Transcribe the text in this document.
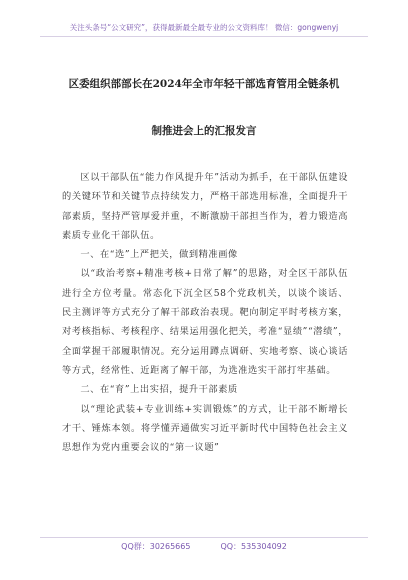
关注头条号“公文研究”，获得最新最全最专业的公文资料库！ 微信：gongwenyj
区委组织部部长在2024年全市年轻干部选育管用全链条机
制推进会上的汇报发言

区以干部队伍“能力作风提升年”活动为抓手，在干部队伍建设的关键环节和关键节点持续发力，严格干部选用标准，全面提升干部素质，坚持严管厚爱并重，不断激励干部担当作为，着力锻造高素质专业化干部队伍。

一、在“选”上严把关，做到精准画像

以“政治考察+精准考核+日常了解”的思路，对全区干部队伍进行全方位考量。常态化下沉全区58个党政机关，以谈个谈话、民主测评等方式充分了解干部政治表现。靶向制定平时考核方案，对考核指标、考核程序、结果运用强化把关，考准“显绩”“潜绩”，全面掌握干部履职情况。充分运用蹲点调研、实地考察、谈心谈话等方式，经常性、近距离了解干部，为选准选实干部打牢基础。

二、在“育”上出实招，提升干部素质

以“理论武装+专业训练+实训锻炼”的方式，让干部不断增长才干、锤炼本领。将学懂弄通做实习近平新时代中国特色社会主义思想作为党内重要会议的“第一议题”

QQ群：30265665	QQ：535304092
